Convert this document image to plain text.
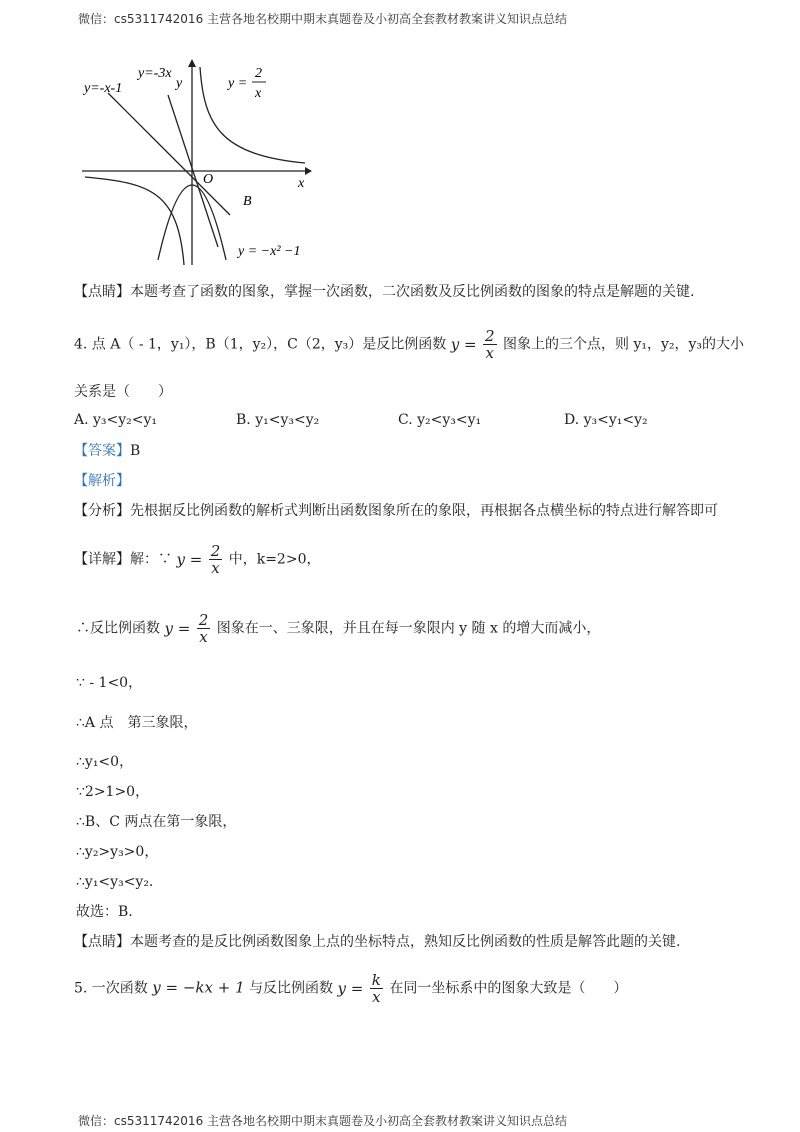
微信：cs5311742016 主营各地名校期中期末真题卷及小初高全套教材教案讲义知识点总结
y=-x-1
y=-3x
y
x
O
B
y =
2
x
y = −x² −1
【点睛】本题考查了函数的图象，掌握一次函数，二次函数及反比例函数的图象的特点是解题的关键.
4. 点 A（ - 1，y₁），B（1，y₂），C（2，y₃）是反比例函数 $y = \frac{2}{x}$ 图象上的三个点，则 y₁，y₂，y₃的大小
关系是（　　）
A. y₃<y₂<y₁	B. y₁<y₃<y₂	C. y₂<y₃<y₁	D. y₃<y₁<y₂
【答案】B
【解析】
【分析】先根据反比例函数的解析式判断出函数图象所在的象限，再根据各点横坐标的特点进行解答即可
【详解】解：∵ $y = \frac{2}{x}$ 中，k=2>0，
∴反比例函数 $y = \frac{2}{x}$ 图象在一、三象限，并且在每一象限内 y 随 x 的增大而减小，
∵ - 1<0，
∴A 点　第三象限，
∴y₁<0，
∵2>1>0，
∴B、C 两点在第一象限，
∴y₂>y₃>0，
∴y₁<y₃<y₂.
故选：B.
【点睛】本题考查的是反比例函数图象上点的坐标特点，熟知反比例函数的性质是解答此题的关键.
5. 一次函数 y = −kx + 1 与反比例函数 $y = \frac{k}{x}$ 在同一坐标系中的图象大致是（　　）
微信：cs5311742016 主营各地名校期中期末真题卷及小初高全套教材教案讲义知识点总结
